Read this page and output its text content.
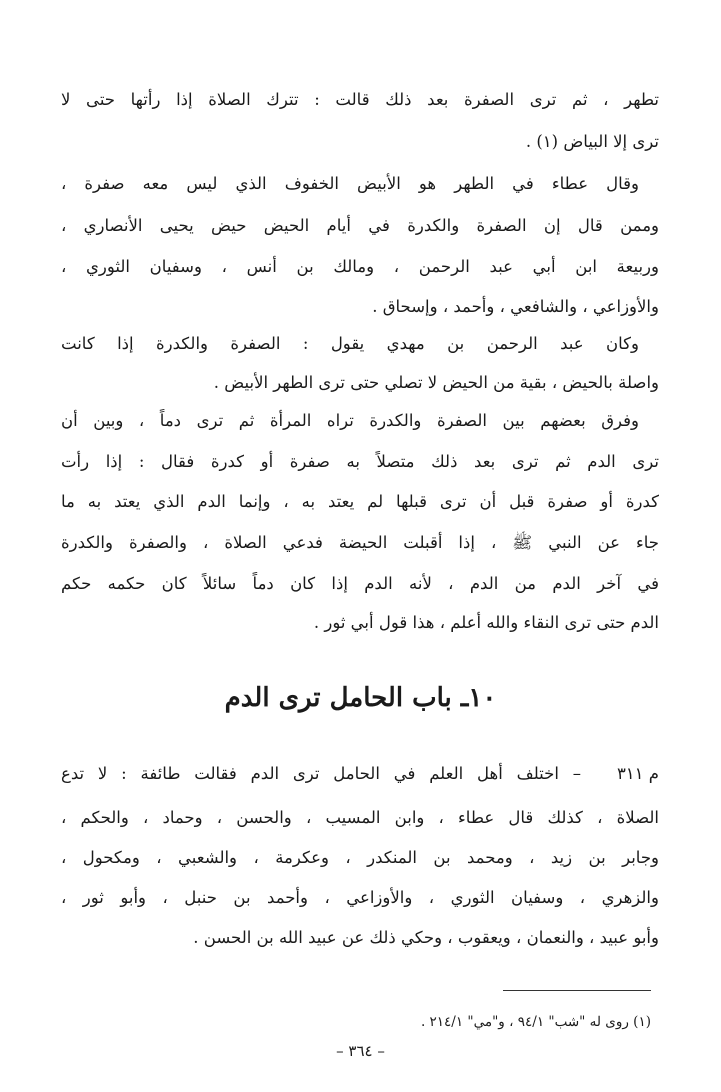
تطهر ، ثم ترى الصفرة بعد ذلك قالت : تترك الصلاة إذا رأتها حتى لا
ترى إلا البياض (١) .
وقال عطاء في الطهر هو الأبيض الخفوف الذي ليس معه صفرة ،
وممن قال إن الصفرة والكدرة في أيام الحيض حيض يحيى الأنصاري ،
وربيعة ابن أبي عبد الرحمن ، ومالك بن أنس ، وسفيان الثوري ،
والأوزاعي ، والشافعي ، وأحمد ، وإسحاق .
وكان عبد الرحمن بن مهدي يقول : الصفرة والكدرة إذا كانت
واصلة بالحيض ، بقية من الحيض لا تصلي حتى ترى الطهر الأبيض .
وفرق بعضهم بين الصفرة والكدرة تراه المرأة ثم ترى دماً ، وبين أن
ترى الدم ثم ترى بعد ذلك متصلاً به صفرة أو كدرة فقال : إذا رأت
كدرة أو صفرة قبل أن ترى قبلها لم يعتد به ، وإنما الدم الذي يعتد به ما
جاء عن النبي ﷺ ، إذا أقبلت الحيضة فدعي الصلاة ، والصفرة والكدرة
في آخر الدم من الدم ، لأنه الدم إذا كان دماً سائلاً كان حكمه حكم
الدم حتى ترى النقاء والله أعلم ، هذا قول أبي ثور .
١٠ـ باب الحامل ترى الدم
م ٣١١
– اختلف أهل العلم في الحامل ترى الدم فقالت طائفة : لا تدع
الصلاة ، كذلك قال عطاء ، وابن المسيب ، والحسن ، وحماد ، والحكم ،
وجابر بن زيد ، ومحمد بن المنكدر ، وعكرمة ، والشعبي ، ومكحول ،
والزهري ، وسفيان الثوري ، والأوزاعي ، وأحمد بن حنبل ، وأبو ثور ،
وأبو عبيد ، والنعمان ، ويعقوب ، وحكي ذلك عن عبيد الله بن الحسن .
(١) روى له "شب" ٩٤/١ ، و"مي" ٢١٤/١ .
– ٣٦٤ –
